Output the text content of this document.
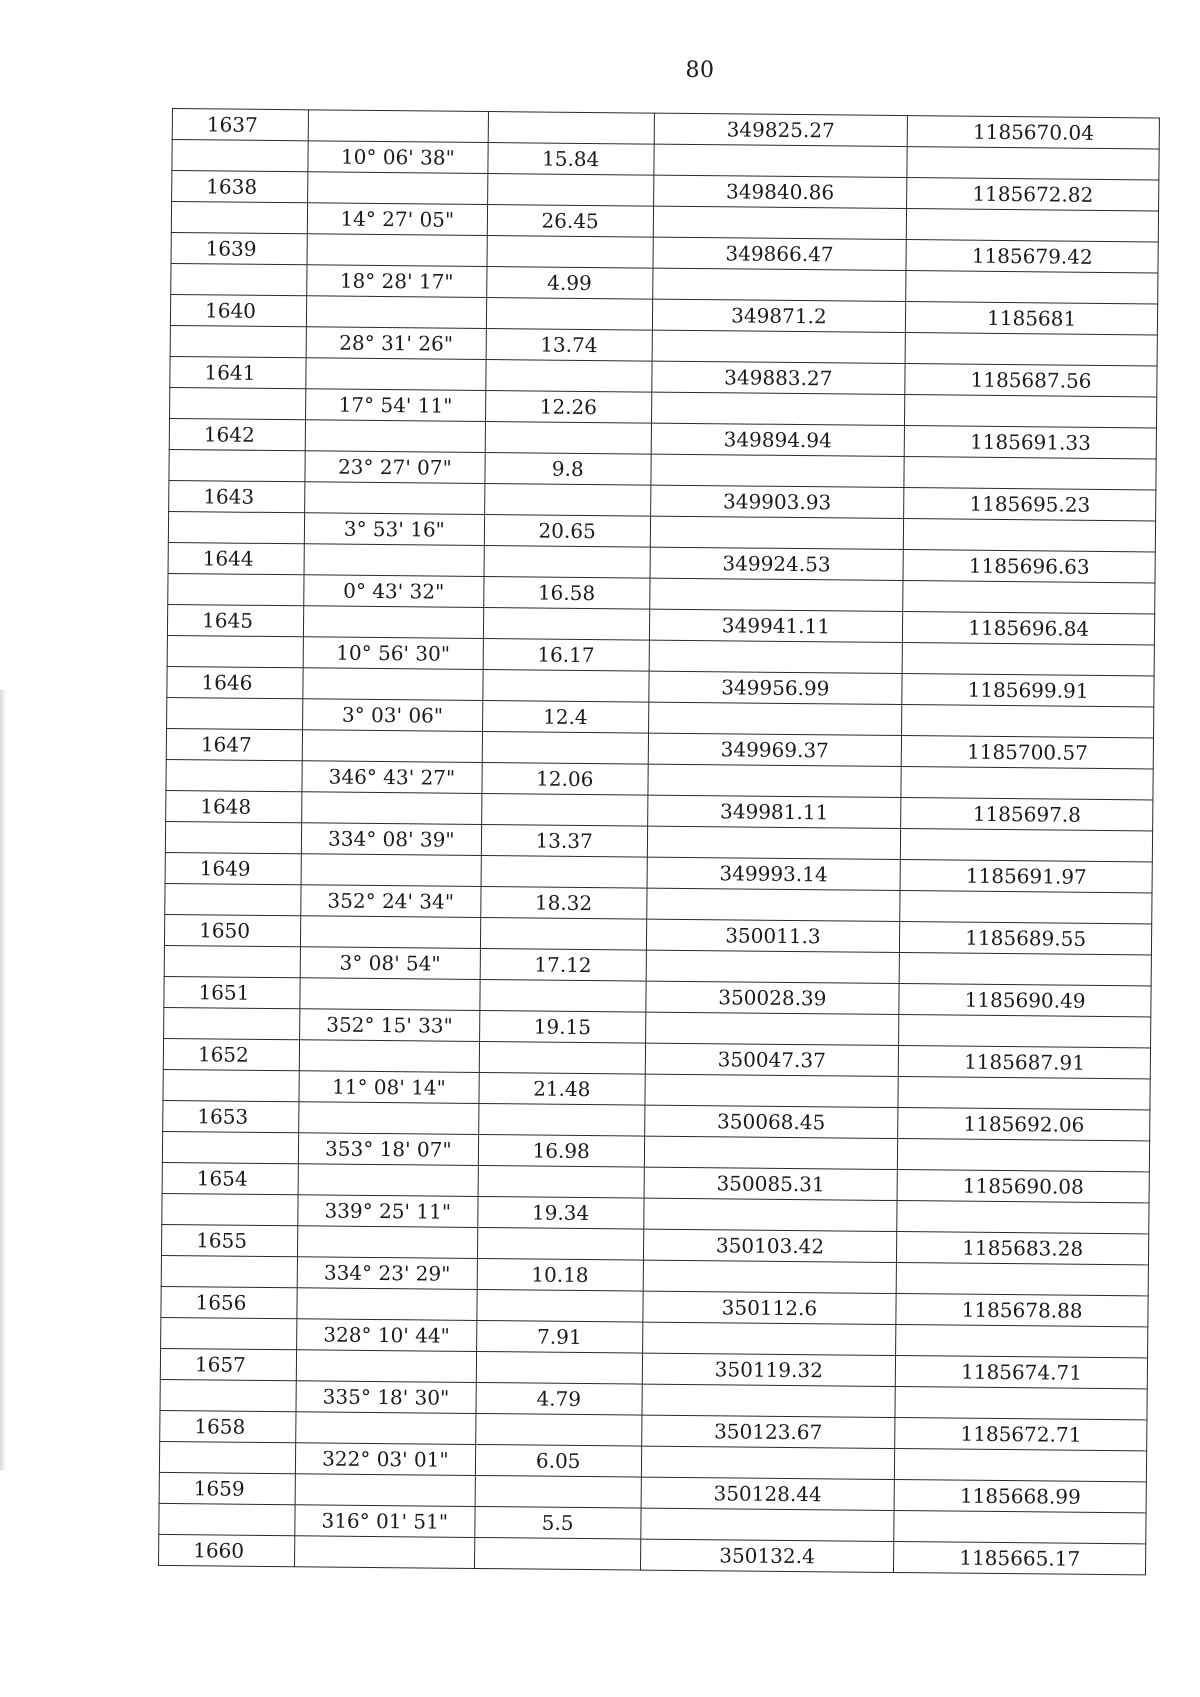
80
1637			349825.27	1185670.04
	10° 06' 38"	15.84		
1638			349840.86	1185672.82
	14° 27' 05"	26.45		
1639			349866.47	1185679.42
	18° 28' 17"	4.99		
1640			349871.2	1185681
	28° 31' 26"	13.74		
1641			349883.27	1185687.56
	17° 54' 11"	12.26		
1642			349894.94	1185691.33
	23° 27' 07"	9.8		
1643			349903.93	1185695.23
	3° 53' 16"	20.65		
1644			349924.53	1185696.63
	0° 43' 32"	16.58		
1645			349941.11	1185696.84
	10° 56' 30"	16.17		
1646			349956.99	1185699.91
	3° 03' 06"	12.4		
1647			349969.37	1185700.57
	346° 43' 27"	12.06		
1648			349981.11	1185697.8
	334° 08' 39"	13.37		
1649			349993.14	1185691.97
	352° 24' 34"	18.32		
1650			350011.3	1185689.55
	3° 08' 54"	17.12		
1651			350028.39	1185690.49
	352° 15' 33"	19.15		
1652			350047.37	1185687.91
	11° 08' 14"	21.48		
1653			350068.45	1185692.06
	353° 18' 07"	16.98		
1654			350085.31	1185690.08
	339° 25' 11"	19.34		
1655			350103.42	1185683.28
	334° 23' 29"	10.18		
1656			350112.6	1185678.88
	328° 10' 44"	7.91		
1657			350119.32	1185674.71
	335° 18' 30"	4.79		
1658			350123.67	1185672.71
	322° 03' 01"	6.05		
1659			350128.44	1185668.99
	316° 01' 51"	5.5		
1660			350132.4	1185665.17
